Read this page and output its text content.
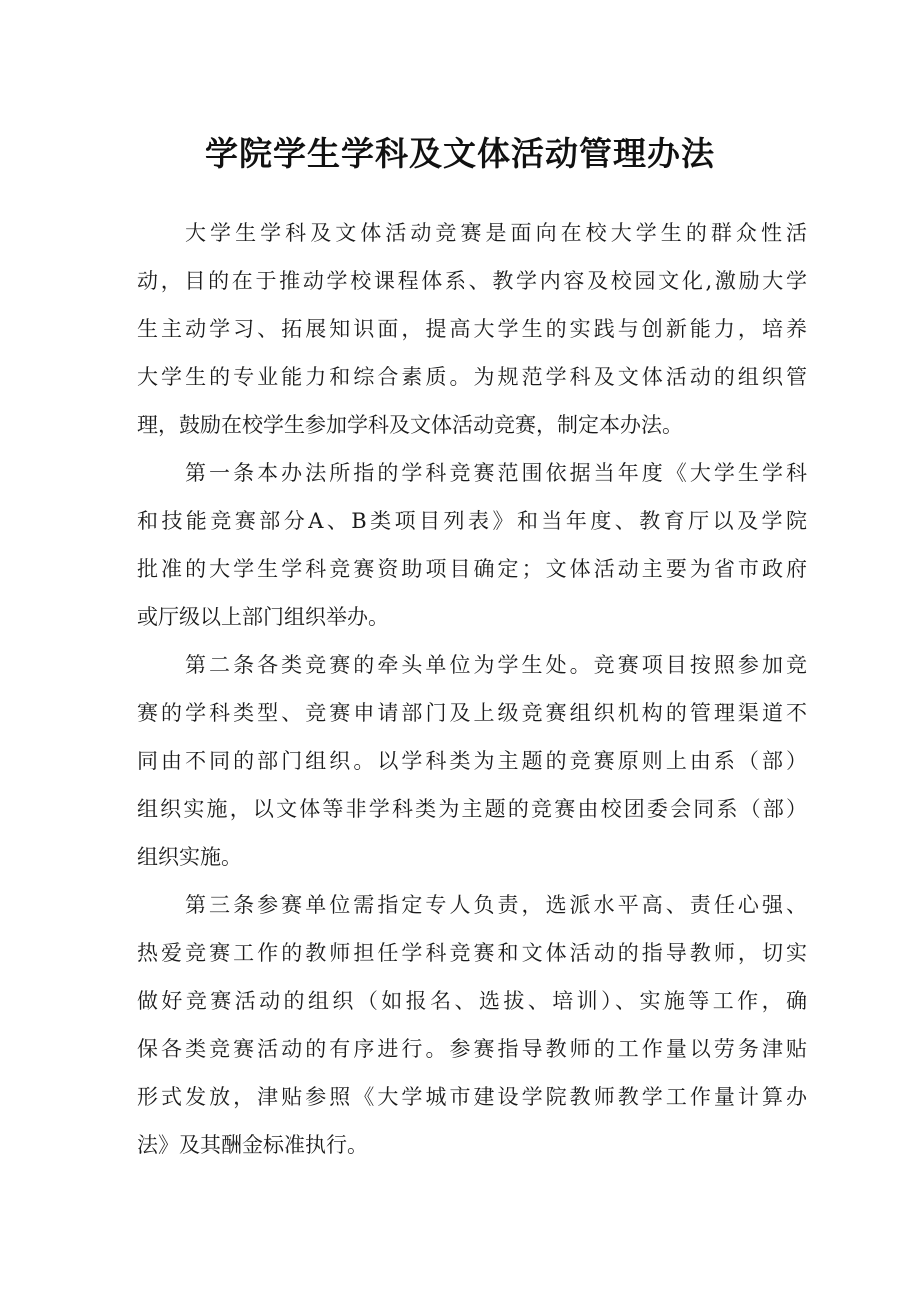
学院学生学科及文体活动管理办法
大学生学科及文体活动竞赛是面向在校大学生的群众性活
动，目的在于推动学校课程体系、教学内容及校园文化,激励大学
生主动学习、拓展知识面，提高大学生的实践与创新能力，培养
大学生的专业能力和综合素质。为规范学科及文体活动的组织管
理，鼓励在校学生参加学科及文体活动竞赛，制定本办法。
第一条本办法所指的学科竞赛范围依据当年度《大学生学科
和技能竞赛部分A、B类项目列表》和当年度、教育厅以及学院
批准的大学生学科竞赛资助项目确定；文体活动主要为省市政府
或厅级以上部门组织举办。
第二条各类竞赛的牵头单位为学生处。竞赛项目按照参加竞
赛的学科类型、竞赛申请部门及上级竞赛组织机构的管理渠道不
同由不同的部门组织。以学科类为主题的竞赛原则上由系（部）
组织实施，以文体等非学科类为主题的竞赛由校团委会同系（部）
组织实施。
第三条参赛单位需指定专人负责，选派水平高、责任心强、
热爱竞赛工作的教师担任学科竞赛和文体活动的指导教师，切实
做好竞赛活动的组织（如报名、选拔、培训）、实施等工作，确
保各类竞赛活动的有序进行。参赛指导教师的工作量以劳务津贴
形式发放，津贴参照《大学城市建设学院教师教学工作量计算办
法》及其酬金标准执行。
